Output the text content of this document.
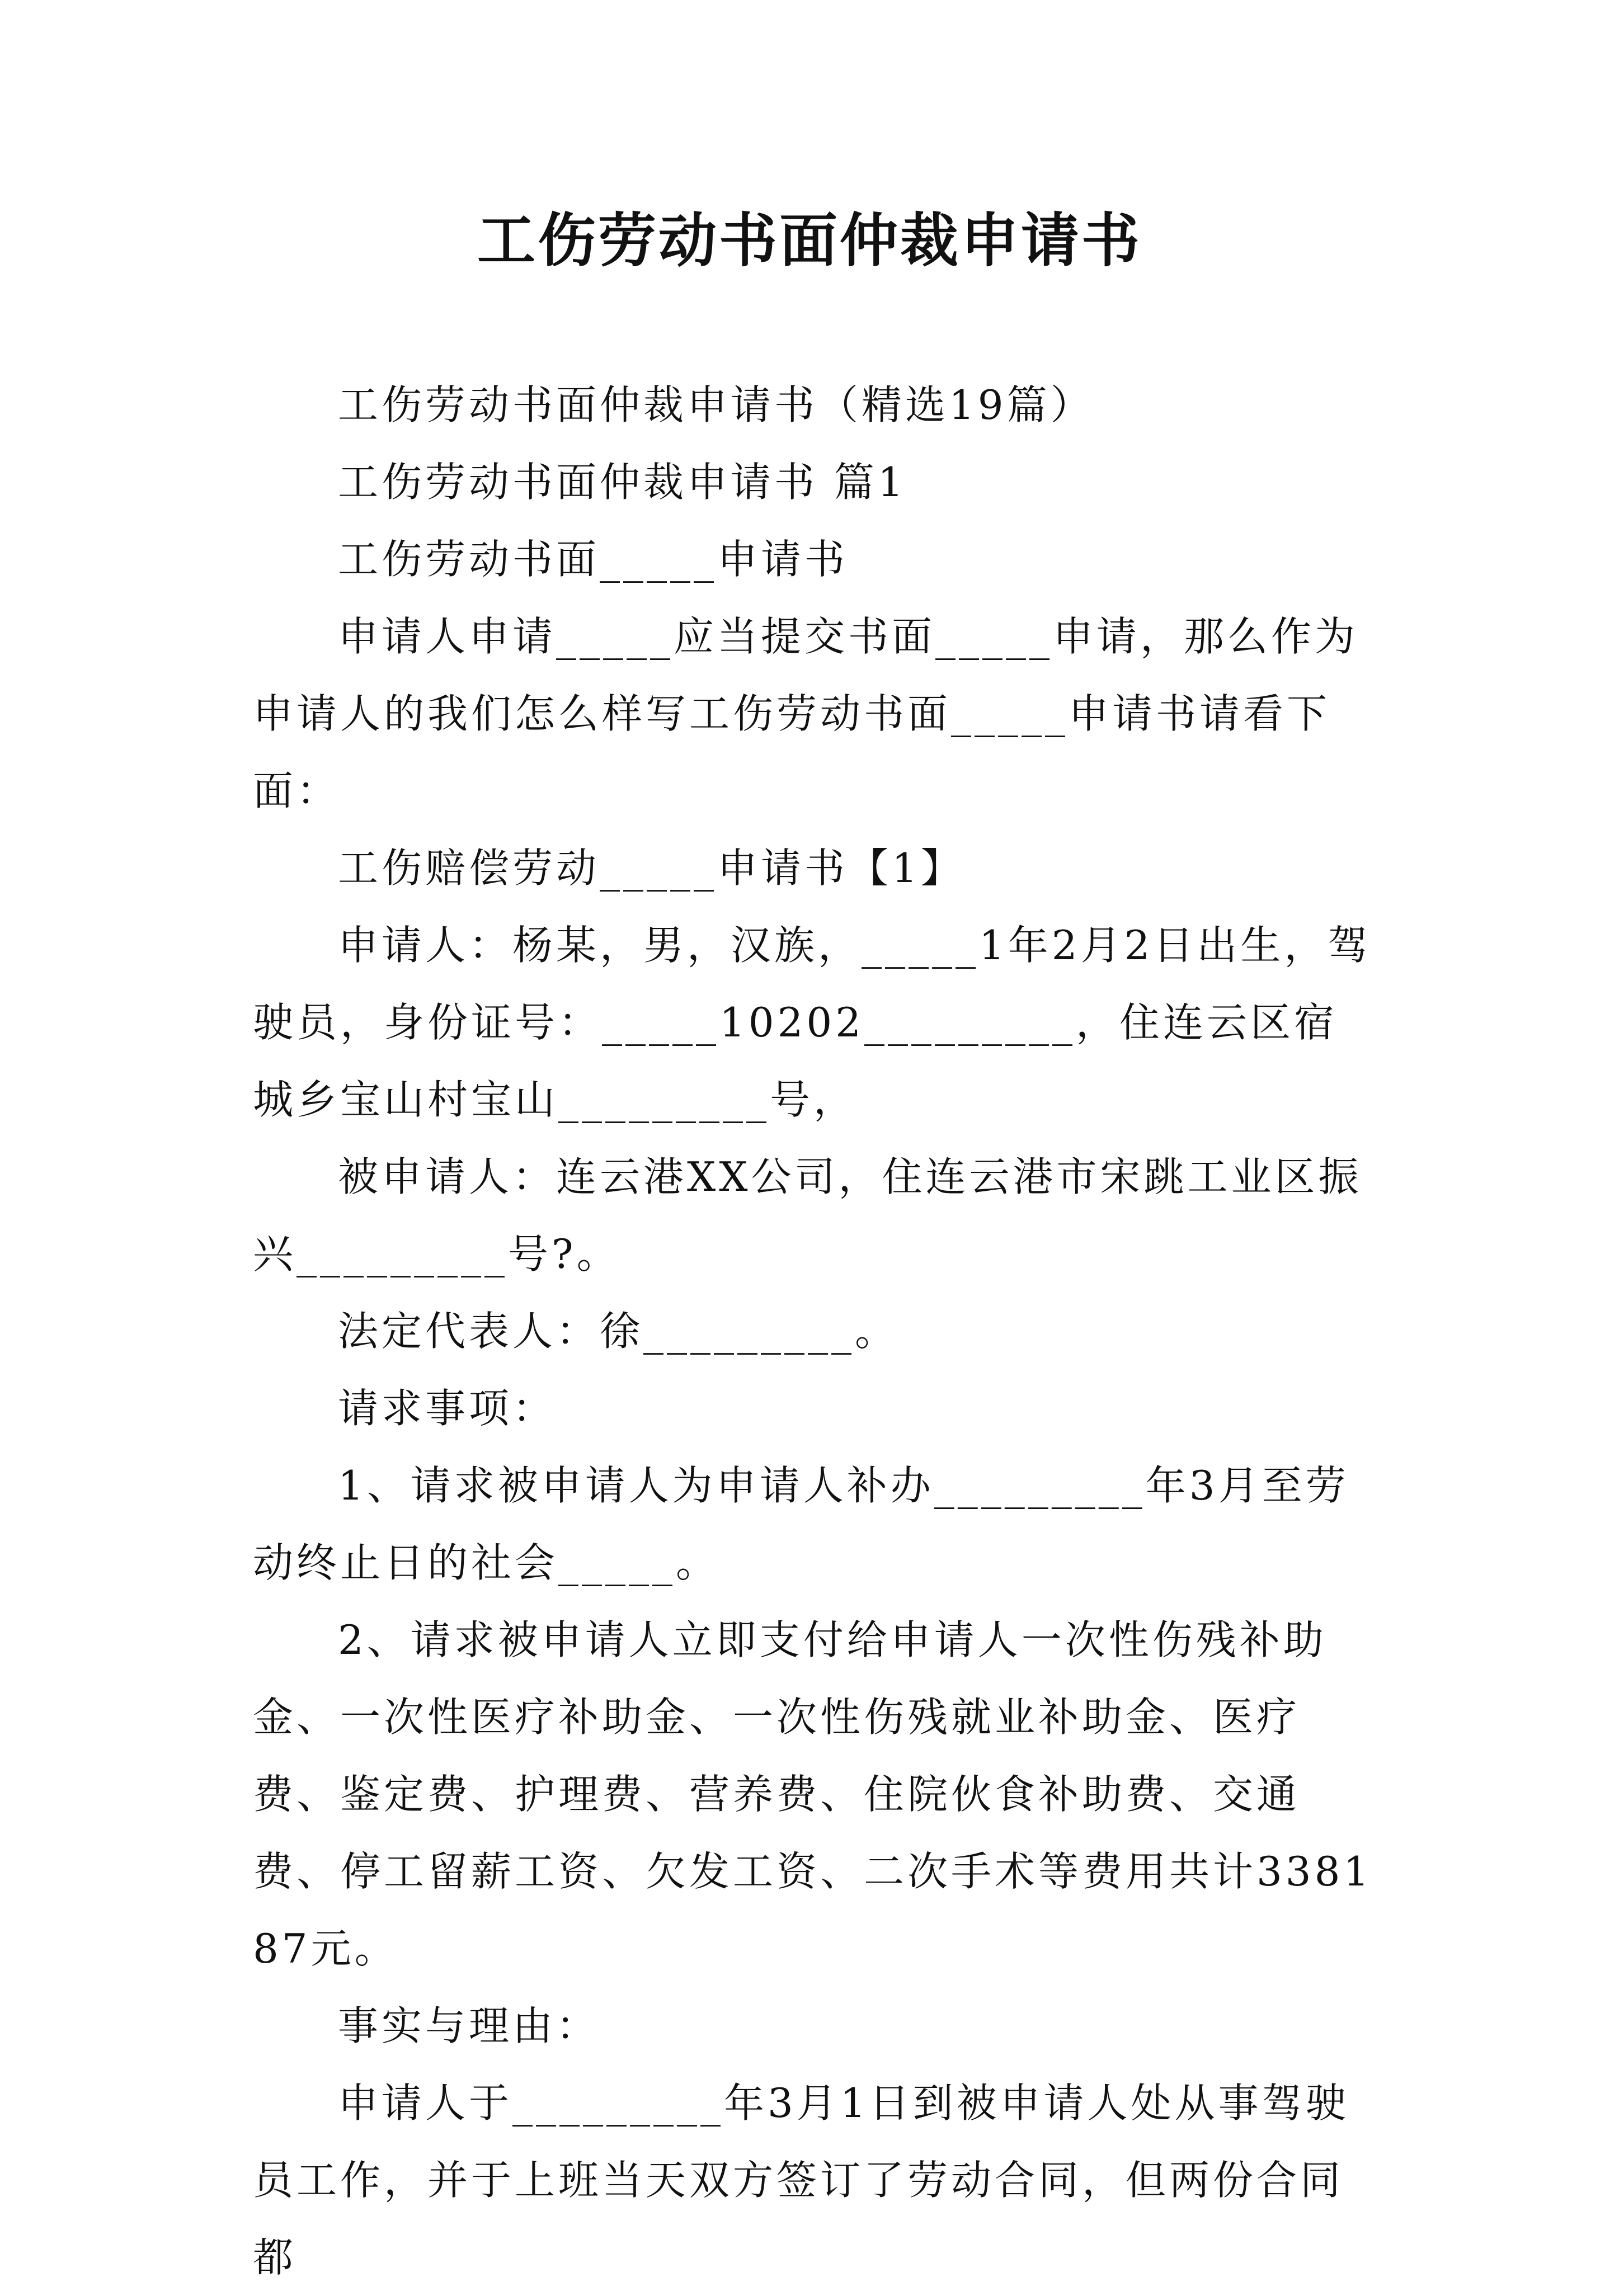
工伤劳动书面仲裁申请书

工伤劳动书面仲裁申请书（精选19篇）

工伤劳动书面仲裁申请书 篇1

工伤劳动书面_____申请书

申请人申请_____应当提交书面_____申请，那么作为申请人的我们怎么样写工伤劳动书面_____申请书请看下面：

工伤赔偿劳动_____申请书【1】

申请人：杨某，男，汉族，_____1年2月2日出生，驾驶员，身份证号：_____10202_________，住连云区宿城乡宝山村宝山_________号，

被申请人：连云港XX公司，住连云港市宋跳工业区振兴_________号?。

法定代表人：徐_________。

请求事项：

1、请求被申请人为申请人补办_________年3月至劳动终止日的社会_____。

2、请求被申请人立即支付给申请人一次性伤残补助金、一次性医疗补助金、一次性伤残就业补助金、医疗费、鉴定费、护理费、营养费、住院伙食补助费、交通费、停工留薪工资、欠发工资、二次手术等费用共计338187元。

事实与理由：

申请人于_________年3月1日到被申请人处从事驾驶员工作，并于上班当天双方签订了劳动合同，但两份合同都
